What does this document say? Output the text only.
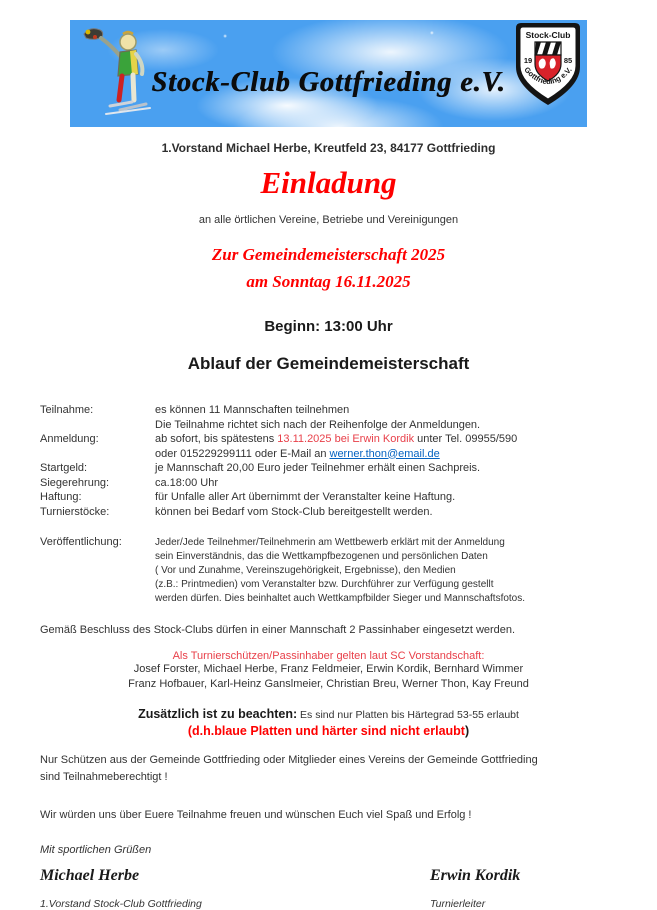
Stock-Club Gottfrieding e.V.
Stock-Club
19	85
Gottfrieding e.V.
1.Vorstand Michael Herbe, Kreutfeld 23, 84177 Gottfrieding
Einladung
an alle örtlichen Vereine, Betriebe und Vereinigungen
Zur Gemeindemeisterschaft 2025
am Sonntag 16.11.2025
Beginn: 13:00 Uhr
Ablauf der Gemeindemeisterschaft
Teilnahme:	es können 11 Mannschaften teilnehmen
Die Teilnahme richtet sich nach der Reihenfolge der Anmeldungen.
Anmeldung:	ab sofort, bis spätestens 13.11.2025 bei Erwin Kordik unter Tel. 09955/590
oder 015229299111 oder E-Mail an werner.thon@email.de
Startgeld:	je Mannschaft 20,00 Euro jeder Teilnehmer erhält einen Sachpreis.
Siegerehrung:	ca.18:00 Uhr
Haftung:	für Unfalle aller Art übernimmt der Veranstalter keine Haftung.
Turnierstöcke:	können bei Bedarf vom Stock-Club bereitgestellt werden.
Veröffentlichung:	Jeder/Jede Teilnehmer/Teilnehmerin am Wettbewerb erklärt mit der Anmeldung
sein Einverständnis, das die Wettkampfbezogenen und persönlichen Daten
( Vor und Zunahme, Vereinszugehörigkeit, Ergebnisse), den Medien
(z.B.: Printmedien) vom Veranstalter bzw. Durchführer zur Verfügung gestellt
werden dürfen. Dies beinhaltet auch Wettkampfbilder Sieger und Mannschaftsfotos.
Gemäß Beschluss des Stock-Clubs dürfen in einer Mannschaft 2 Passinhaber eingesetzt werden.
Als Turnierschützen/Passinhaber gelten laut SC Vorstandschaft:
Josef Forster, Michael Herbe, Franz Feldmeier, Erwin Kordik, Bernhard Wimmer
Franz Hofbauer, Karl-Heinz Ganslmeier, Christian Breu, Werner Thon, Kay Freund
Zusätzlich ist zu beachten: Es sind nur Platten bis Härtegrad 53-55 erlaubt
(d.h.blaue Platten und härter sind nicht erlaubt)
Nur Schützen aus der Gemeinde Gottfrieding oder Mitglieder eines Vereins der Gemeinde Gottfrieding
sind Teilnahmeberechtigt !
Wir würden uns über Euere Teilnahme freuen und wünschen Euch viel Spaß und Erfolg !
Mit sportlichen Grüßen
Michael Herbe
1.Vorstand Stock-Club Gottfrieding
Erwin Kordik
Turnierleiter
